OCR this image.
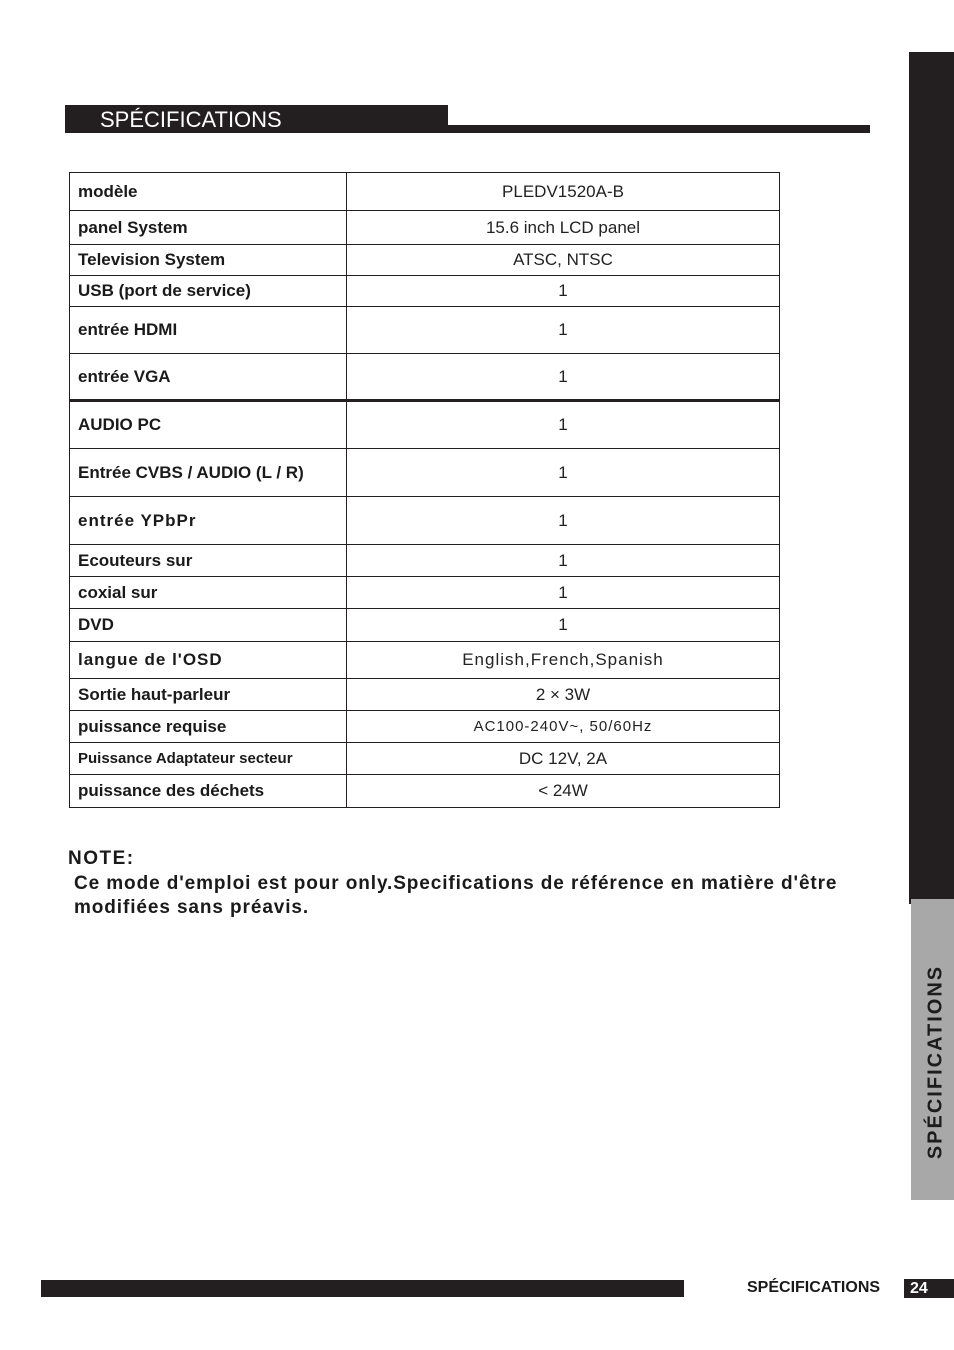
SPÉCIFICATIONS
SPÉCIFICATIONS
modèle	PLEDV1520A-B
panel System	15.6 inch LCD panel
Television System	ATSC, NTSC
USB (port de service)	1
entrée HDMI	1
entrée VGA	1
AUDIO PC	1
Entrée CVBS / AUDIO (L / R)	1
entrée YPbPr	1
Ecouteurs sur	1
coxial sur	1
DVD	1
langue de l'OSD	English,French,Spanish
Sortie haut-parleur	2 × 3W
puissance requise	AC100-240V~, 50/60Hz
Puissance Adaptateur secteur	DC 12V, 2A
puissance des déchets	< 24W
NOTE:
Ce mode d'emploi est pour only.Specifications de référence en matière d'être modifiées sans préavis.
SPÉCIFICATIONS	24
